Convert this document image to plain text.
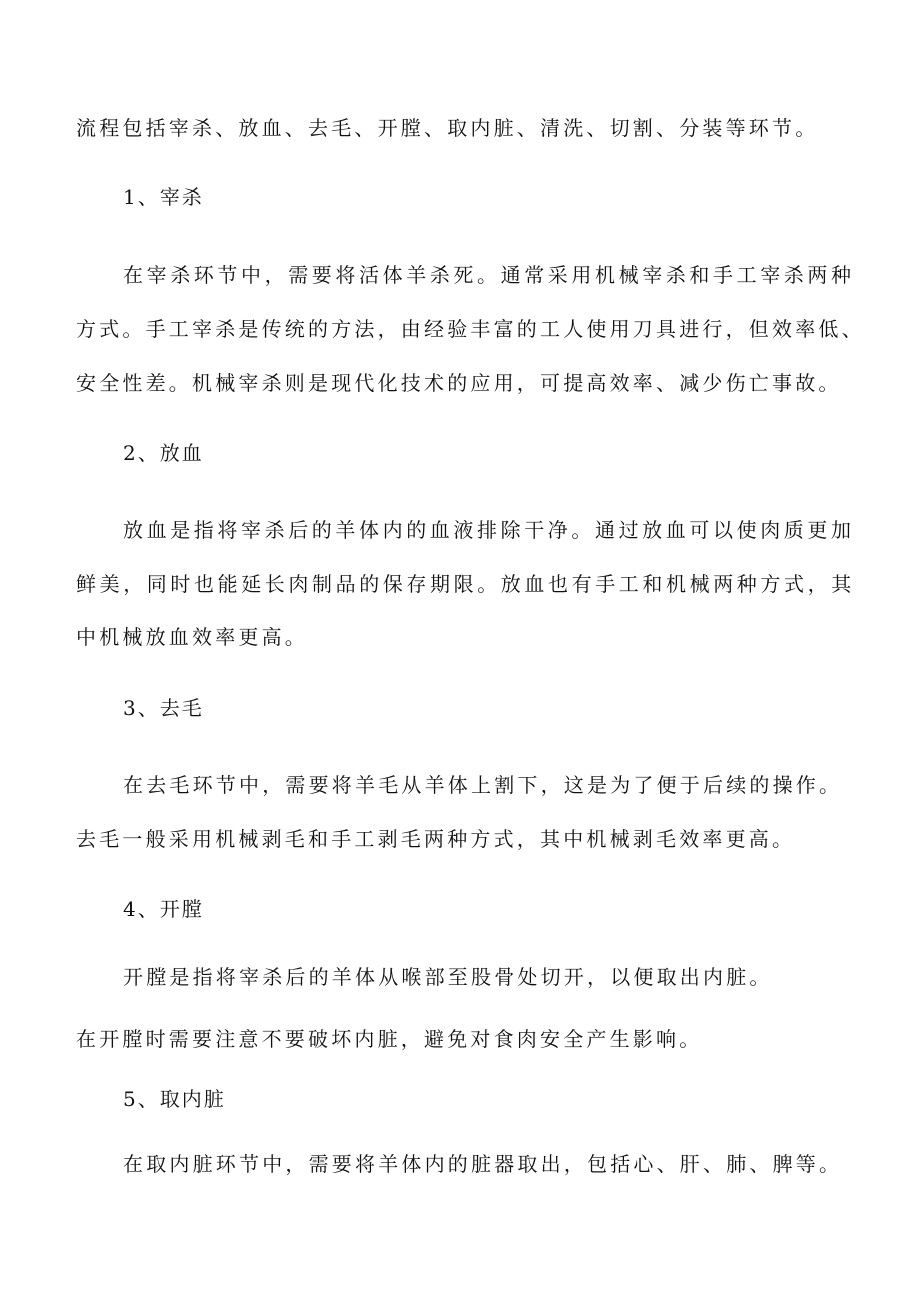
流程包括宰杀、放血、去毛、开膛、取内脏、清洗、切割、分装等环节。
1、宰杀
在宰杀环节中，需要将活体羊杀死。通常采用机械宰杀和手工宰杀两种
方式。手工宰杀是传统的方法，由经验丰富的工人使用刀具进行，但效率低、
安全性差。机械宰杀则是现代化技术的应用，可提高效率、减少伤亡事故。
2、放血
放血是指将宰杀后的羊体内的血液排除干净。通过放血可以使肉质更加
鲜美，同时也能延长肉制品的保存期限。放血也有手工和机械两种方式，其
中机械放血效率更高。
3、去毛
在去毛环节中，需要将羊毛从羊体上割下，这是为了便于后续的操作。
去毛一般采用机械剥毛和手工剥毛两种方式，其中机械剥毛效率更高。
4、开膛
开膛是指将宰杀后的羊体从喉部至股骨处切开，以便取出内脏。
在开膛时需要注意不要破坏内脏，避免对食肉安全产生影响。
5、取内脏
在取内脏环节中，需要将羊体内的脏器取出，包括心、肝、肺、脾等。
